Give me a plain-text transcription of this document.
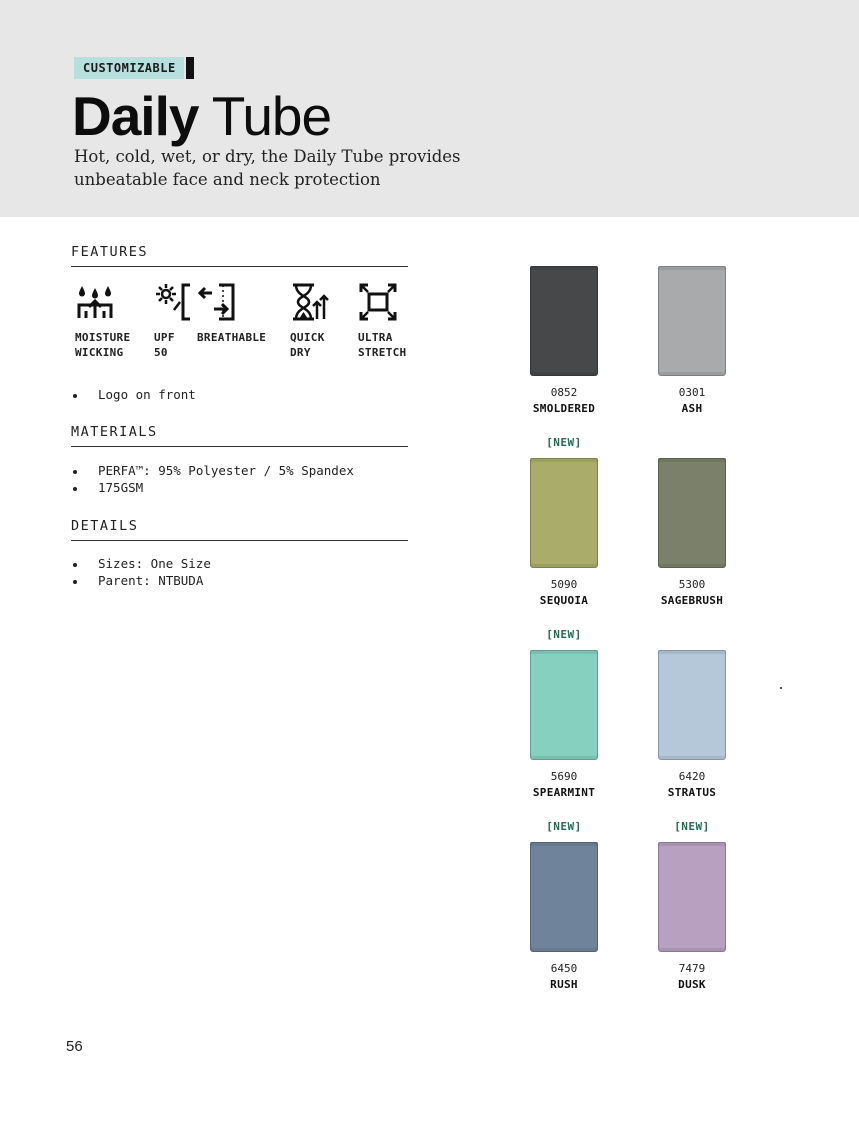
CUSTOMIZABLE
Daily Tube

Hot, cold, wet, or dry, the Daily Tube provides
unbeatable face and neck protection

FEATURES
MOISTURE
WICKING
UPF
50
BREATHABLE	QUICK
DRY
ULTRA
STRETCH
Logo on front
MATERIALS
PERFA™: 95% Polyester / 5% Spandex
175GSM
DETAILS
Sizes: One Size
Parent: NTBUDA
0852
SMOLDERED
0301
ASH
[NEW]
5090
SEQUOIA
5300
SAGEBRUSH
[NEW]
5690
SPEARMINT
6420
STRATUS
[NEW]
6450
RUSH
[NEW]
7479
DUSK
56
